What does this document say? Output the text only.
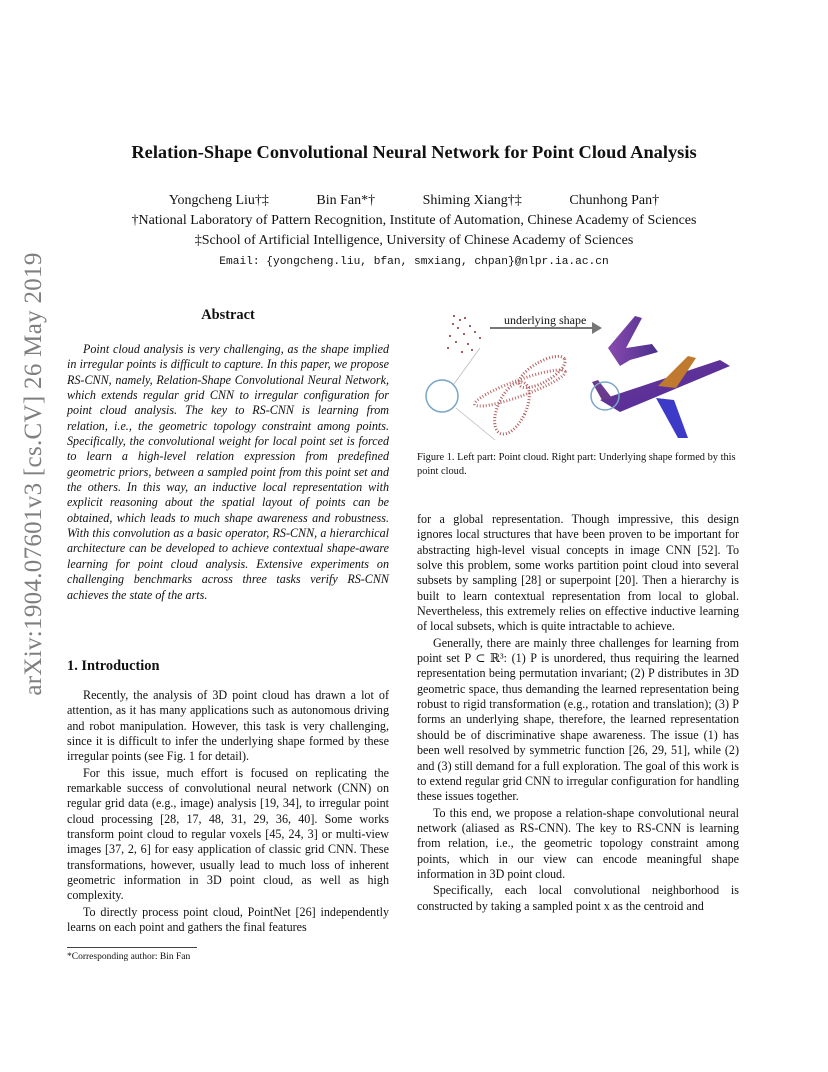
arXiv:1904.07601v3 [cs.CV] 26 May 2019
Relation-Shape Convolutional Neural Network for Point Cloud Analysis
Yongcheng Liu†‡	Bin Fan*†	Shiming Xiang†‡	Chunhong Pan†
†National Laboratory of Pattern Recognition, Institute of Automation, Chinese Academy of Sciences
‡School of Artificial Intelligence, University of Chinese Academy of Sciences
Email: {yongcheng.liu, bfan, smxiang, chpan}@nlpr.ia.ac.cn
Abstract
Point cloud analysis is very challenging, as the shape implied in irregular points is difficult to capture. In this paper, we propose RS-CNN, namely, Relation-Shape Convolutional Neural Network, which extends regular grid CNN to irregular configuration for point cloud analysis. The key to RS-CNN is learning from relation, i.e., the geometric topology constraint among points. Specifically, the convolutional weight for local point set is forced to learn a high-level relation expression from predefined geometric priors, between a sampled point from this point set and the others. In this way, an inductive local representation with explicit reasoning about the spatial layout of points can be obtained, which leads to much shape awareness and robustness. With this convolution as a basic operator, RS-CNN, a hierarchical architecture can be developed to achieve contextual shape-aware learning for point cloud analysis. Extensive experiments on challenging benchmarks across three tasks verify RS-CNN achieves the state of the arts.
1. Introduction

Recently, the analysis of 3D point cloud has drawn a lot of attention, as it has many applications such as autonomous driving and robot manipulation. However, this task is very challenging, since it is difficult to infer the underlying shape formed by these irregular points (see Fig. 1 for detail).

For this issue, much effort is focused on replicating the remarkable success of convolutional neural network (CNN) on regular grid data (e.g., image) analysis [19, 34], to irregular point cloud processing [28, 17, 48, 31, 29, 36, 40]. Some works transform point cloud to regular voxels [45, 24, 3] or multi-view images [37, 2, 6] for easy application of classic grid CNN. These transformations, however, usually lead to much loss of inherent geometric information in 3D point cloud, as well as high complexity.

To directly process point cloud, PointNet [26] independently learns on each point and gathers the final features

*Corresponding author: Bin Fan
underlying shape
Figure 1. Left part: Point cloud. Right part: Underlying shape formed by this point cloud.

for a global representation. Though impressive, this design ignores local structures that have been proven to be important for abstracting high-level visual concepts in image CNN [52]. To solve this problem, some works partition point cloud into several subsets by sampling [28] or superpoint [20]. Then a hierarchy is built to learn contextual representation from local to global. Nevertheless, this extremely relies on effective inductive learning of local subsets, which is quite intractable to achieve.

Generally, there are mainly three challenges for learning from point set P ⊂ ℝ³: (1) P is unordered, thus requiring the learned representation being permutation invariant; (2) P distributes in 3D geometric space, thus demanding the learned representation being robust to rigid transformation (e.g., rotation and translation); (3) P forms an underlying shape, therefore, the learned representation should be of discriminative shape awareness. The issue (1) has been well resolved by symmetric function [26, 29, 51], while (2) and (3) still demand for a full exploration. The goal of this work is to extend regular grid CNN to irregular configuration for handling these issues together.

To this end, we propose a relation-shape convolutional neural network (aliased as RS-CNN). The key to RS-CNN is learning from relation, i.e., the geometric topology constraint among points, which in our view can encode meaningful shape information in 3D point cloud.

Specifically, each local convolutional neighborhood is constructed by taking a sampled point x as the centroid and
